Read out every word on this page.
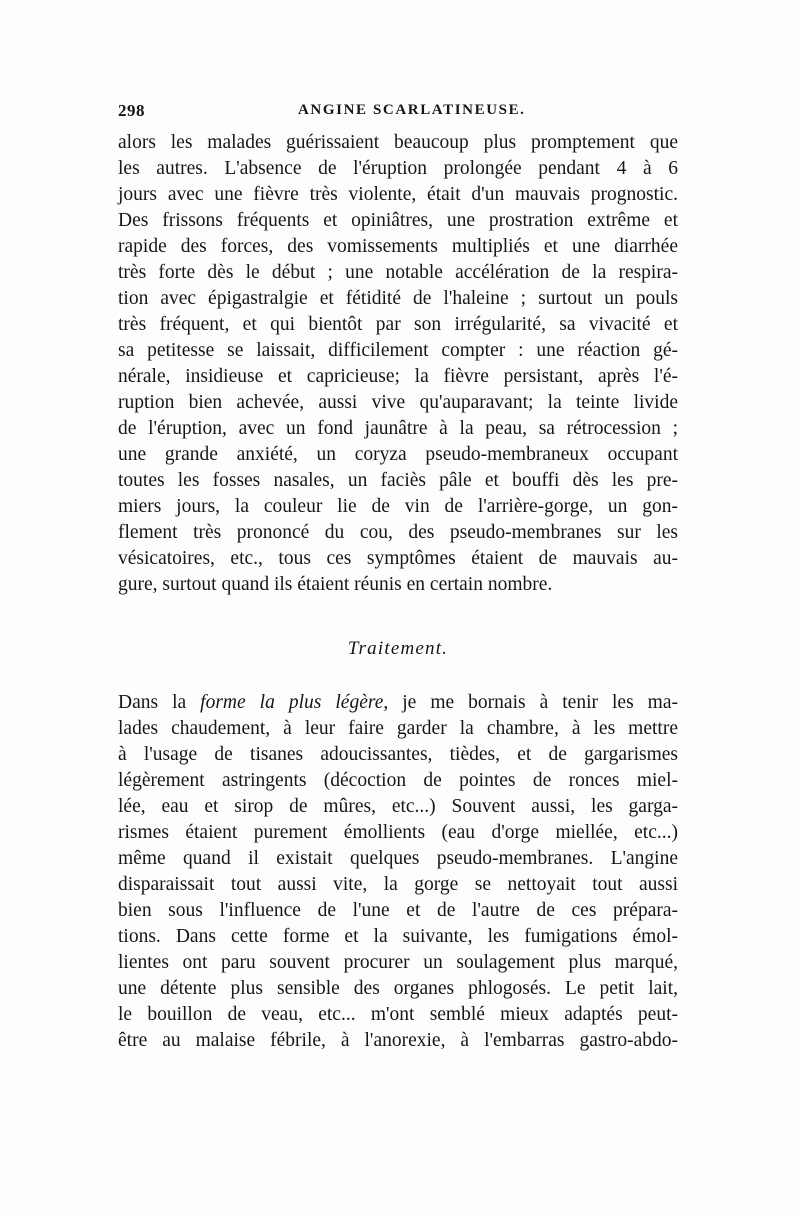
298	ANGINE SCARLATINEUSE.

alors les malades guérissaient beaucoup plus promptement que

les autres. L'absence de l'éruption prolongée pendant 4 à 6

jours avec une fièvre très violente, était d'un mauvais prognostic.

Des frissons fréquents et opiniâtres, une prostration extrême et

rapide des forces, des vomissements multipliés et une diarrhée

très forte dès le début ; une notable accélération de la respira-

tion avec épigastralgie et fétidité de l'haleine ; surtout un pouls

très fréquent, et qui bientôt par son irrégularité, sa vivacité et

sa petitesse se laissait, difficilement compter : une réaction gé-

nérale, insidieuse et capricieuse; la fièvre persistant, après l'é-

ruption bien achevée, aussi vive qu'auparavant; la teinte livide

de l'éruption, avec un fond jaunâtre à la peau, sa rétrocession ;

une grande anxiété, un coryza pseudo-membraneux occupant

toutes les fosses nasales, un faciès pâle et bouffi dès les pre-

miers jours, la couleur lie de vin de l'arrière-gorge, un gon-

flement très prononcé du cou, des pseudo-membranes sur les

vésicatoires, etc., tous ces symptômes étaient de mauvais au-

gure, surtout quand ils étaient réunis en certain nombre.

Traitement.

Dans la forme la plus légère, je me bornais à tenir les ma-

lades chaudement, à leur faire garder la chambre, à les mettre

à l'usage de tisanes adoucissantes, tièdes, et de gargarismes

légèrement astringents (décoction de pointes de ronces miel-

lée, eau et sirop de mûres, etc...) Souvent aussi, les garga-

rismes étaient purement émollients (eau d'orge miellée, etc...)

même quand il existait quelques pseudo-membranes. L'angine

disparaissait tout aussi vite, la gorge se nettoyait tout aussi

bien sous l'influence de l'une et de l'autre de ces prépara-

tions. Dans cette forme et la suivante, les fumigations émol-

lientes ont paru souvent procurer un soulagement plus marqué,

une détente plus sensible des organes phlogosés. Le petit lait,

le bouillon de veau, etc... m'ont semblé mieux adaptés peut-

être au malaise fébrile, à l'anorexie, à l'embarras gastro-abdo-
